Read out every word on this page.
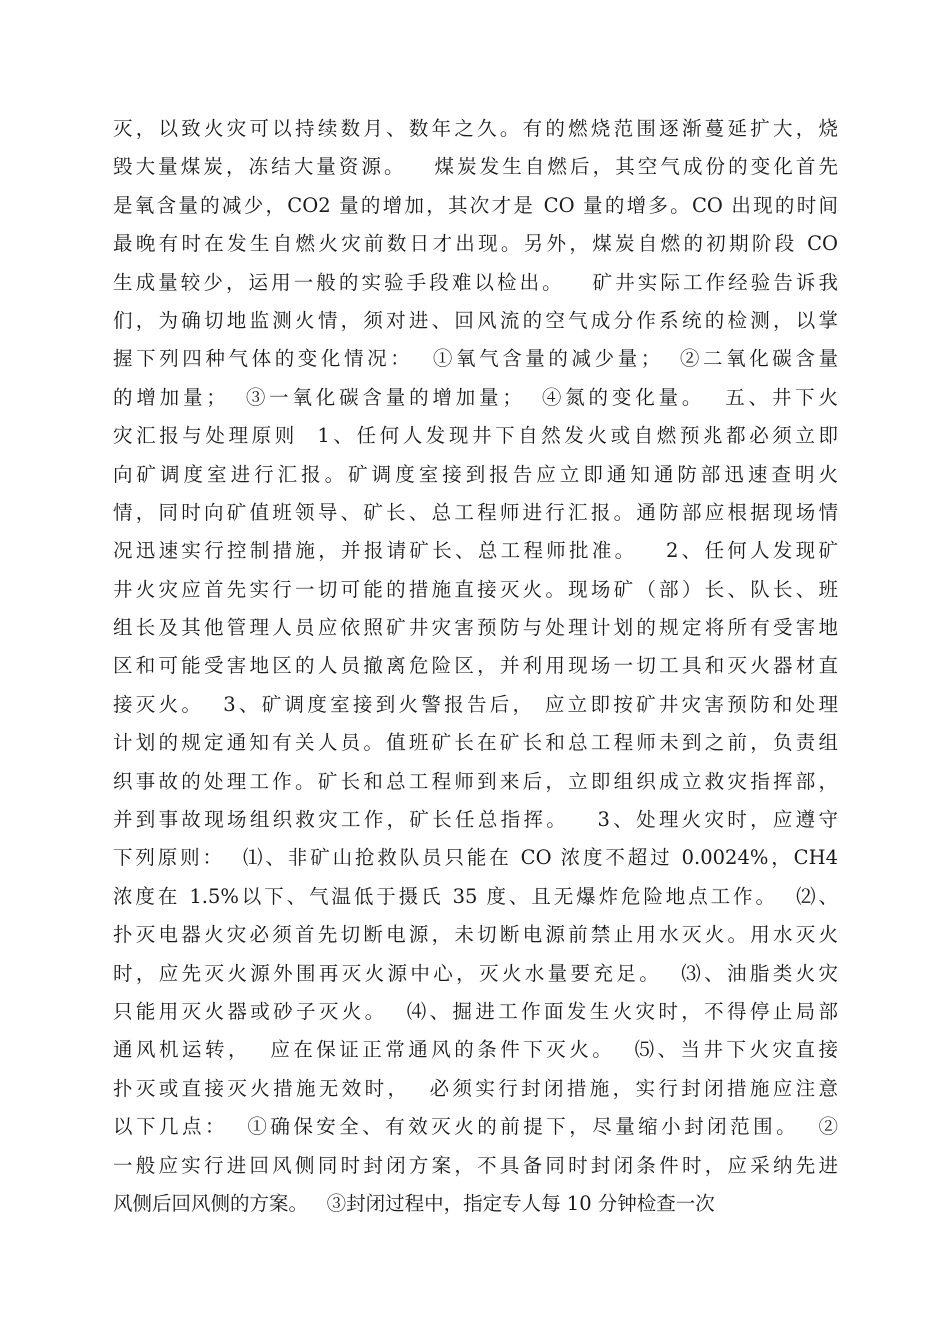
灭，以致火灾可以持续数月、数年之久。有的燃烧范围逐渐蔓延扩大，烧
毁大量煤炭，冻结大量资源。   煤炭发生自燃后，其空气成份的变化首先
是氧含量的减少，CO2 量的增加，其次才是 CO 量的增多。CO 出现的时间
最晚有时在发生自燃火灾前数日才出现。另外，煤炭自燃的初期阶段 CO
生成量较少，运用一般的实验手段难以检出。   矿井实际工作经验告诉我
们，为确切地监测火情，须对进、回风流的空气成分作系统的检测，以掌
握下列四种气体的变化情况：  ①氧气含量的减少量；  ②二氧化碳含量
的增加量；  ③一氧化碳含量的增加量；  ④氮的变化量。  五、井下火
灾汇报与处理原则  1、任何人发现井下自然发火或自燃预兆都必须立即
向矿调度室进行汇报。矿调度室接到报告应立即通知通防部迅速查明火
情，同时向矿值班领导、矿长、总工程师进行汇报。通防部应根据现场情
况迅速实行控制措施，并报请矿长、总工程师批准。   2、任何人发现矿
井火灾应首先实行一切可能的措施直接灭火。现场矿（部）长、队长、班
组长及其他管理人员应依照矿井灾害预防与处理计划的规定将所有受害地
区和可能受害地区的人员撤离危险区，并利用现场一切工具和灭火器材直
接灭火。  3、矿调度室接到火警报告后， 应立即按矿井灾害预防和处理
计划的规定通知有关人员。值班矿长在矿长和总工程师未到之前，负责组
织事故的处理工作。矿长和总工程师到来后，立即组织成立救灾指挥部，
并到事故现场组织救灾工作，矿长任总指挥。   3、处理火灾时，应遵守
下列原则：  ⑴、非矿山抢救队员只能在 CO 浓度不超过 0.0024%，CH4
浓度在 1.5%以下、气温低于摄氏 35 度、且无爆炸危险地点工作。  ⑵、
扑灭电器火灾必须首先切断电源，未切断电源前禁止用水灭火。用水灭火
时，应先灭火源外围再灭火源中心，灭火水量要充足。  ⑶、油脂类火灾
只能用灭火器或砂子灭火。  ⑷、掘进工作面发生火灾时，不得停止局部
通风机运转，  应在保证正常通风的条件下灭火。  ⑸、当井下火灾直接
扑灭或直接灭火措施无效时，  必须实行封闭措施，实行封闭措施应注意
以下几点：  ①确保安全、有效灭火的前提下，尽量缩小封闭范围。  ②
一般应实行进回风侧同时封闭方案，不具备同时封闭条件时，应采纳先进
风侧后回风侧的方案。   ③封闭过程中，指定专人每 10 分钟检查一次
